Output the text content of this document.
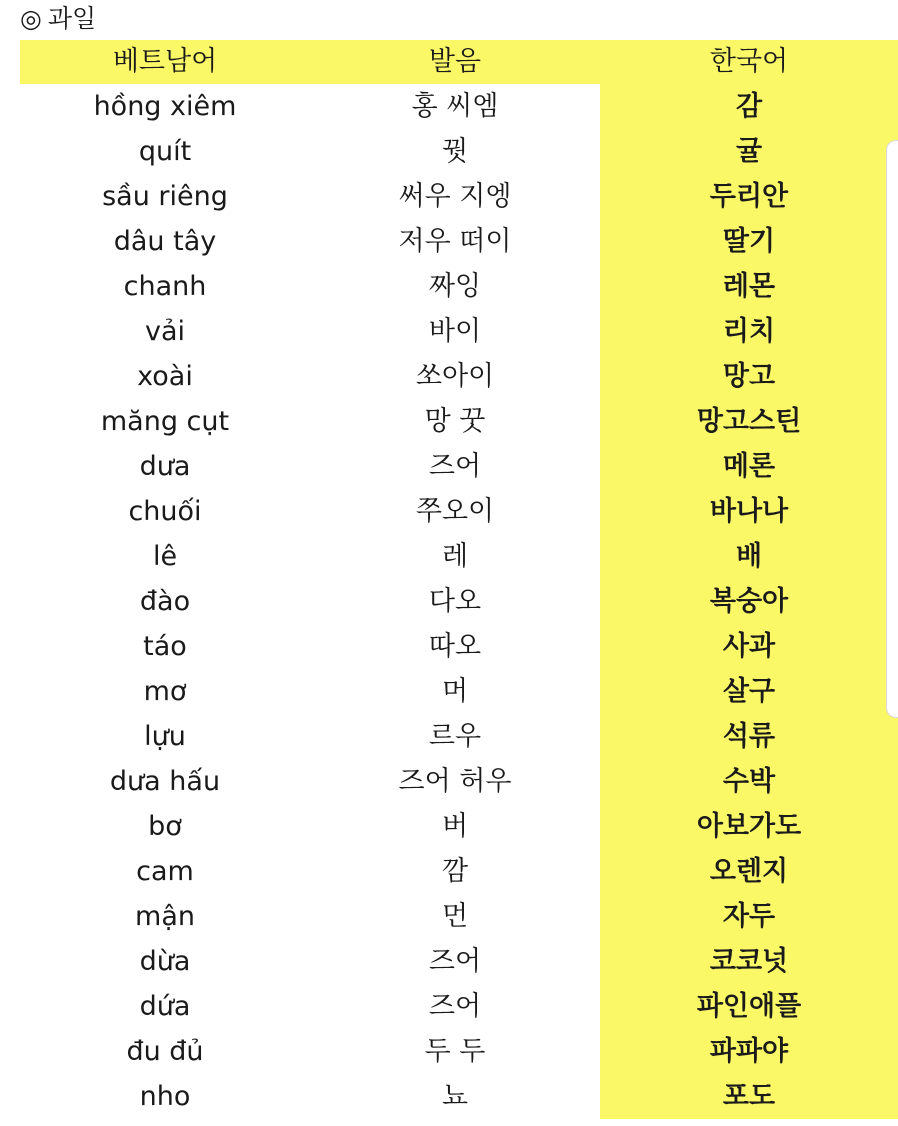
◎ 과일
베트남어	발음	한국어
hồng xiêm	홍 씨엠	감
quít	꿧	귤
sầu riêng	써우 지엥	두리안
dâu tây	저우 떠이	딸기
chanh	짜잉	레몬
vải	바이	리치
xoài	쏘아이	망고
măng cụt	망 꿋	망고스틴
dưa	즈어	메론
chuối	쭈오이	바나나
lê	레	배
đào	다오	복숭아
táo	따오	사과
mơ	머	살구
lựu	르우	석류
dưa hấu	즈어 허우	수박
bơ	버	아보가도
cam	깜	오렌지
mận	먼	자두
dừa	즈어	코코넛
dứa	즈어	파인애플
đu đủ	두 두	파파야
nho	뇨	포도
